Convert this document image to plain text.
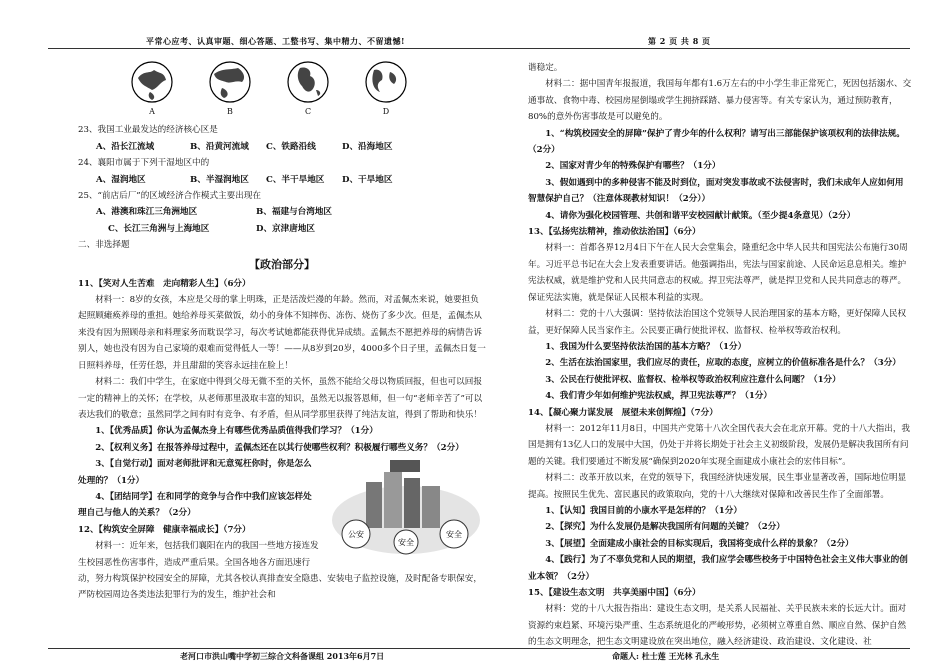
平常心应考、认真审题、细心答题、工整书写、集中精力、不留遗憾!	第 2 页 共 8 页
A	B	C	D

23、我国工业最发达的经济核心区是

A、沿长江流域	B、沿黄河流域	C、铁路沿线	D、沿海地区

24、襄阳市属于下列干湿地区中的

A、湿润地区	B、半湿润地区	C、半干旱地区	D、干旱地区

25、“前店后厂”的区域经济合作模式主要出现在

A、港澳和珠江三角洲地区	B、福建与台湾地区
C、长江三角洲与上海地区	D、京津唐地区

二、非选择题

【政治部分】

11、【笑对人生苦难　走向精彩人生】（6分）

材料一：8岁的女孩，本应是父母的掌上明珠，正是活泼烂漫的年龄。然而，对孟佩杰来说，她要担负起照顾瘫痪养母的重担。她给养母买菜做饭，幼小的身体不知摔伤、冻伤、烧伤了多少次。但是，孟佩杰从来没有因为照顾母亲和料理家务而耽误学习，每次考试她都能获得优异成绩。孟佩杰不愿把养母的病情告诉别人，她也没有因为自己家境的艰难而觉得低人一等！——从8岁到20岁，4000多个日子里，孟佩杰日复一日照料养母，任劳任怨，并且甜甜的笑容永远挂在脸上！

材料二：我们中学生，在家庭中得到父母无微不至的关怀，虽然不能给父母以物质回报，但也可以回报一定的精神上的关怀；在学校，从老师那里汲取丰富的知识，虽然无以报答恩师，但一句“老师辛苦了”可以表达我们的敬意；虽然同学之间有时有竞争、有矛盾，但从同学那里获得了纯洁友谊，得到了帮助和快乐！

1、【优秀品质】你认为孟佩杰身上有哪些优秀品质值得我们学习？（1分）

2、【权利义务】在报答养母过程中，孟佩杰还在以其行使哪些权利？积极履行哪些义务？（2分）

公安
安全
安全

3、【自觉行动】面对老师批评和无意冤枉你时，你是怎么处理的？（1分）

4、【团结同学】在和同学的竞争与合作中我们应该怎样处理自己与他人的关系？（2分）

12、【构筑安全屏障　健康幸福成长】（7分）

材料一：近年来，包括我们襄阳在内的我国一些地方接连发生校园恶性伤害事件，造成严重后果。全国各地各方面迅速行动，努力构筑保护校园安全的屏障，尤其各校认真排查安全隐患、安装电子监控设施，及时配备专职保安，严防校园周边各类违法犯罪行为的发生，维护社会和

谐稳定。

材料二：据中国青年报报道，我国每年都有1.6万左右的中小学生非正常死亡，死因包括溺水、交通事故、食物中毒、校园房屋倒塌或学生拥挤踩踏、暴力侵害等。有关专家认为，通过预防教育，80%的意外伤害事故是可以避免的。

1、“构筑校园安全的屏障”保护了青少年的什么权利？请写出三部能保护该项权利的法律法规。（2分）

2、国家对青少年的特殊保护有哪些？（1分）

3、假如遇到中的多种侵害不能及时到位，面对突发事故或不法侵害时，我们未成年人应如何用智慧保护自己？（注意体现教材知识！（2分））

4、请你为强化校园管理、共创和谐平安校园献计献策。（至少提4条意见）（2分）

13、【弘扬宪法精神，推动依法治国】（6分）

材料一：首都各界12月4日下午在人民大会堂集会，隆重纪念中华人民共和国宪法公布施行30周年。习近平总书记在大会上发表重要讲话。他强调指出，宪法与国家前途、人民命运息息相关。维护宪法权威，就是维护党和人民共同意志的权威。捍卫宪法尊严，就是捍卫党和人民共同意志的尊严。保证宪法实施，就是保证人民根本利益的实现。

材料二：党的十八大强调：坚持依法治国这个党领导人民治理国家的基本方略，更好保障人民权益，更好保障人民当家作主。公民要正确行使批评权、监督权、检举权等政治权利。

1、我国为什么要坚持依法治国的基本方略？（1分）

2、生活在法治国家里，我们应尽的责任，应取的态度，应树立的价值标准各是什么？（3分）

3、公民在行使批评权、监督权、检举权等政治权利应注意什么问题？（1分）

4、我们青少年如何维护宪法权威，捍卫宪法尊严？（1分）

14、【凝心聚力谋发展　展望未来创辉煌】（7分）

材料一：2012年11月8日，中国共产党第十八次全国代表大会在北京开幕。党的十八大指出，我国是拥有13亿人口的发展中大国，仍处于并将长期处于社会主义初级阶段，发展仍是解决我国所有问题的关键。我们要通过不断发展“确保到2020年实现全面建成小康社会的宏伟目标”。

材料二：改革开放以来，在党的领导下，我国经济快速发展，民生事业显著改善，国际地位明显提高。按照民生优先、富民惠民的政策取向，党的十八大继续对保障和改善民生作了全面部署。

1、【认知】我国目前的小康水平是怎样的？（1分）

2、【探究】为什么发展仍是解决我国所有问题的关键？（2分）

3、【展望】全面建成小康社会的目标实现后，我国将变成什么样的景象？（2分）

4、【践行】为了不辜负党和人民的期望，我们应学会哪些校务于中国特色社会主义伟大事业的创业本领？（2分）

15、【建设生态文明　共享美丽中国】（6分）

材料：党的十八大报告指出：建设生态文明，是关系人民福祉、关乎民族未来的长远大计。面对资源约束趋紧、环境污染严重、生态系统退化的严峻形势，必须树立尊重自然、顺应自然、保护自然的生态文明理念，把生态文明建设放在突出地位，融入经济建设、政治建设、文化建设、社

老河口市洪山嘴中学初三综合文科备课组 2013年6月7日	命题人: 杜士莲 王光林 孔永生
